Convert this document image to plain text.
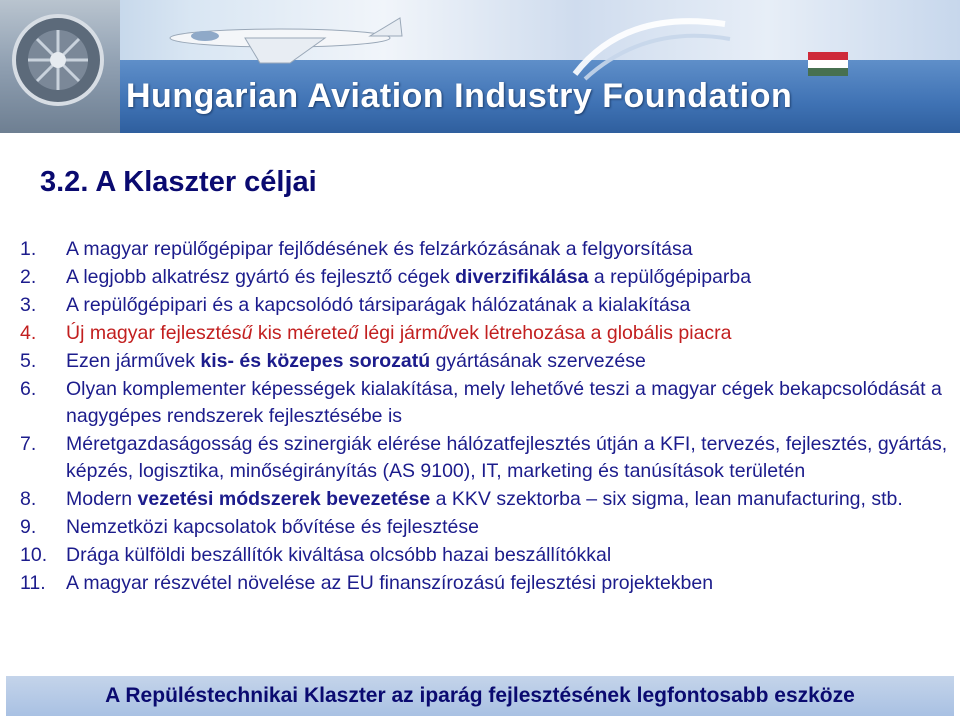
Hungarian Aviation Industry Foundation
3.2. A Klaszter céljai
1.	A magyar repülőgépipar fejlődésének és felzárkózásának a felgyorsítása
2.	A legjobb alkatrész gyártó és fejlesztő cégek diverzifikálása a repülőgépiparba
3.	A repülőgépipari és a kapcsolódó társiparágak hálózatának a kialakítása
4.	Új magyar fejlesztésű kis méreteű légi járművek létrehozása a globális piacra
5.	Ezen járművek kis- és közepes sorozatú gyártásának szervezése
6.	Olyan komplementer képességek kialakítása, mely lehetővé teszi a magyar cégek bekapcsolódását a nagygépes rendszerek fejlesztésébe is
7.	Méretgazdaságosság és szinergiák elérése hálózatfejlesztés útján a KFI, tervezés, fejlesztés, gyártás, képzés, logisztika, minőségirányítás (AS 9100), IT, marketing és tanúsítások területén
8.	Modern vezetési módszerek bevezetése a KKV szektorba – six sigma, lean manufacturing, stb.
9.	Nemzetközi kapcsolatok bővítése és fejlesztése
10. Drága külföldi beszállítók kiváltása olcsóbb hazai beszállítókkal
11.	A magyar részvétel növelése az EU finanszírozású fejlesztési projektekben
A Repüléstechnikai Klaszter az iparág fejlesztésének legfontosabb eszköze
